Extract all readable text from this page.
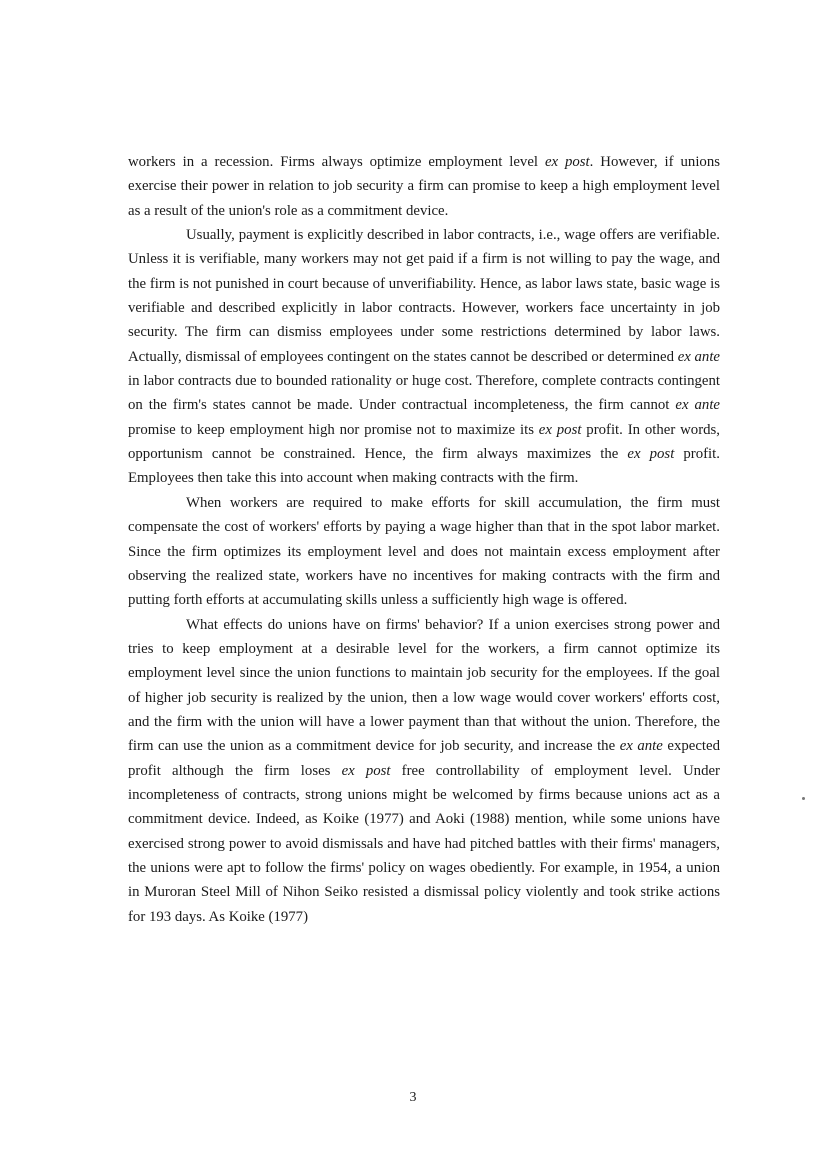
workers in a recession. Firms always optimize employment level ex post. However, if unions exercise their power in relation to job security a firm can promise to keep a high employment level as a result of the union's role as a commitment device.

Usually, payment is explicitly described in labor contracts, i.e., wage offers are verifiable. Unless it is verifiable, many workers may not get paid if a firm is not willing to pay the wage, and the firm is not punished in court because of unverifiability. Hence, as labor laws state, basic wage is verifiable and described explicitly in labor contracts. However, workers face uncertainty in job security. The firm can dismiss employees under some restrictions determined by labor laws. Actually, dismissal of employees contingent on the states cannot be described or determined ex ante in labor contracts due to bounded rationality or huge cost. Therefore, complete contracts contingent on the firm's states cannot be made. Under contractual incompleteness, the firm cannot ex ante promise to keep employment high nor promise not to maximize its ex post profit. In other words, opportunism cannot be constrained. Hence, the firm always maximizes the ex post profit. Employees then take this into account when making contracts with the firm.

When workers are required to make efforts for skill accumulation, the firm must compensate the cost of workers' efforts by paying a wage higher than that in the spot labor market. Since the firm optimizes its employment level and does not maintain excess employment after observing the realized state, workers have no incentives for making contracts with the firm and putting forth efforts at accumulating skills unless a sufficiently high wage is offered.

What effects do unions have on firms' behavior? If a union exercises strong power and tries to keep employment at a desirable level for the workers, a firm cannot optimize its employment level since the union functions to maintain job security for the employees. If the goal of higher job security is realized by the union, then a low wage would cover workers' efforts cost, and the firm with the union will have a lower payment than that without the union. Therefore, the firm can use the union as a commitment device for job security, and increase the ex ante expected profit although the firm loses ex post free controllability of employment level. Under incompleteness of contracts, strong unions might be welcomed by firms because unions act as a commitment device. Indeed, as Koike (1977) and Aoki (1988) mention, while some unions have exercised strong power to avoid dismissals and have had pitched battles with their firms' managers, the unions were apt to follow the firms' policy on wages obediently. For example, in 1954, a union in Muroran Steel Mill of Nihon Seiko resisted a dismissal policy violently and took strike actions for 193 days. As Koike (1977)

3
